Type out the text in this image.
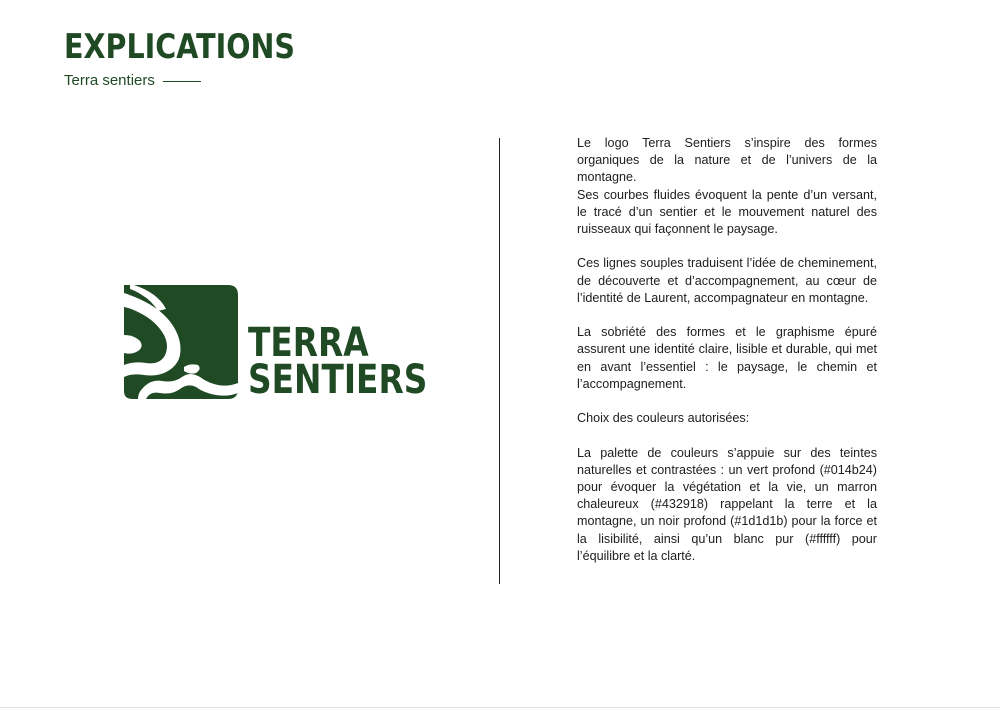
EXPLICATIONS
Terra sentiers
TERRA
SENTIERS

Le logo Terra Sentiers s’inspire des formes organiques de la nature et de l’univers de la montagne.
Ses courbes fluides évoquent la pente d’un versant, le tracé d’un sentier et le mouvement naturel des ruisseaux qui façonnent le paysage.

Ces lignes souples traduisent l’idée de cheminement, de découverte et d’accompagnement, au cœur de l’identité de Laurent, accompagnateur en montagne.

La sobriété des formes et le graphisme épuré assurent une identité claire, lisible et durable, qui met en avant l’essentiel : le paysage, le chemin et l’accompagnement.

Choix des couleurs autorisées:

La palette de couleurs s’appuie sur des teintes naturelles et contrastées : un vert profond (#014b24) pour évoquer la végétation et la vie, un marron chaleureux (#432918) rappelant la terre et la montagne, un noir profond (#1d1d1b) pour la force et la lisibilité, ainsi qu’un blanc pur (#ffffff) pour l’équilibre et la clarté.
